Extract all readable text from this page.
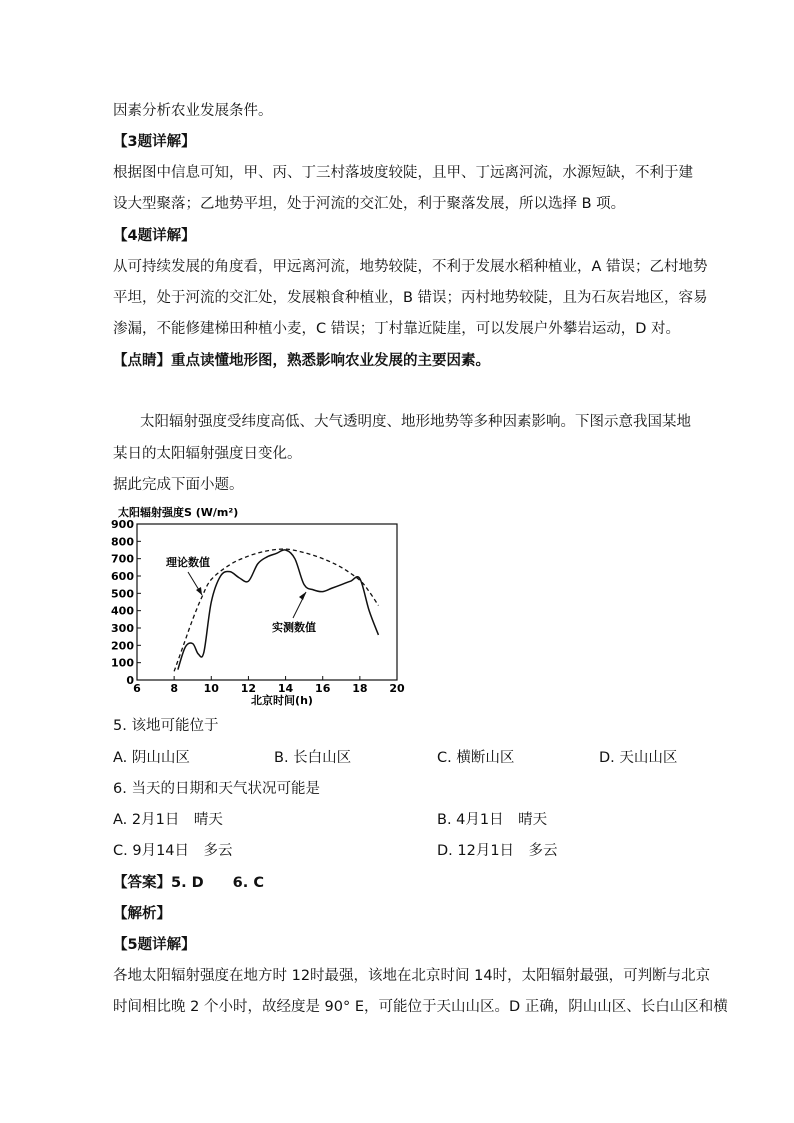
因素分析农业发展条件。
【3题详解】
根据图中信息可知，甲、丙、丁三村落坡度较陡，且甲、丁远离河流，水源短缺，不利于建
设大型聚落；乙地势平坦，处于河流的交汇处，利于聚落发展，所以选择 B 项。
【4题详解】
从可持续发展的角度看，甲远离河流，地势较陡，不利于发展水稻种植业，A 错误；乙村地势
平坦，处于河流的交汇处，发展粮食种植业，B 错误；丙村地势较陡，且为石灰岩地区，容易
渗漏，不能修建梯田种植小麦，C 错误；丁村靠近陡崖，可以发展户外攀岩运动，D 对。
【点睛】重点读懂地形图，熟悉影响农业发展的主要因素。
太阳辐射强度受纬度高低、大气透明度、地形地势等多种因素影响。下图示意我国某地
某日的太阳辐射强度日变化。
据此完成下面小题。
太阳辐射强度S (W/m²)
0
100
200
300
400
500
600
700
800
900
6	8 10 12 14 16 18 20
理论数值
实测数值
北京时间(h)
5. 该地可能位于
A. 阴山山区	B. 长白山区	C. 横断山区	D. 天山山区
6. 当天的日期和天气状况可能是
A. 2月1日　晴天	B. 4月1日　晴天
C. 9月14日　多云	D. 12月1日　多云
【答案】5. D　　6. C
【解析】
【5题详解】
各地太阳辐射强度在地方时 12时最强，该地在北京时间 14时，太阳辐射最强，可判断与北京
时间相比晚 2 个小时，故经度是 90° E，可能位于天山山区。D 正确，阴山山区、长白山区和横
